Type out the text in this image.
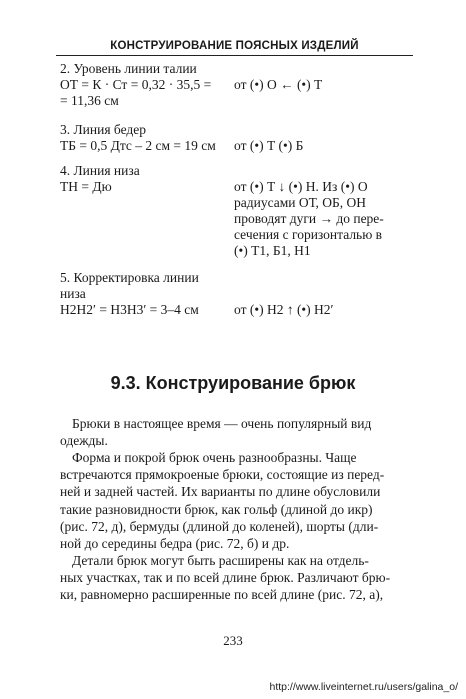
КОНСТРУИРОВАНИЕ ПОЯСНЫХ ИЗДЕЛИЙ
2. Уровень линии талии
ОТ = К · Ст = 0,32 · 35,5 =
= 11,36 см
от (•) О ← (•) Т
3. Линия бедер
ТБ = 0,5 Дтс – 2 см = 19 см от (•) Т (•) Б
4. Линия низа
ТН = Дю
	от (•) Т ↓ (•) Н. Из (•) О
радиусами ОТ, ОБ, ОН
проводят дуги → до пере-
сечения с горизонталью в
(•) Т1, Б1, Н1
5. Корректировка линии
низа
Н2Н2′ = Н3Н3′ = 3–4 см	от (•) Н2 ↑ (•) Н2′
9.3. Конструирование брюк

Брюки в настоящее время — очень популярный вид
одежды.

Форма и покрой брюк очень разнообразны. Чаще
встречаются прямокроеные брюки, состоящие из перед-
ней и задней частей. Их варианты по длине обусловили
такие разновидности брюк, как гольф (длиной до икр)
(рис. 72, д), бермуды (длиной до коленей), шорты (дли-
ной до середины бедра (рис. 72, б) и др.

Детали брюк могут быть расширены как на отдель-
ных участках, так и по всей длине брюк. Различают брю-
ки, равномерно расширенные по всей длине (рис. 72, а),

233
http://www.liveinternet.ru/users/galina_o/
